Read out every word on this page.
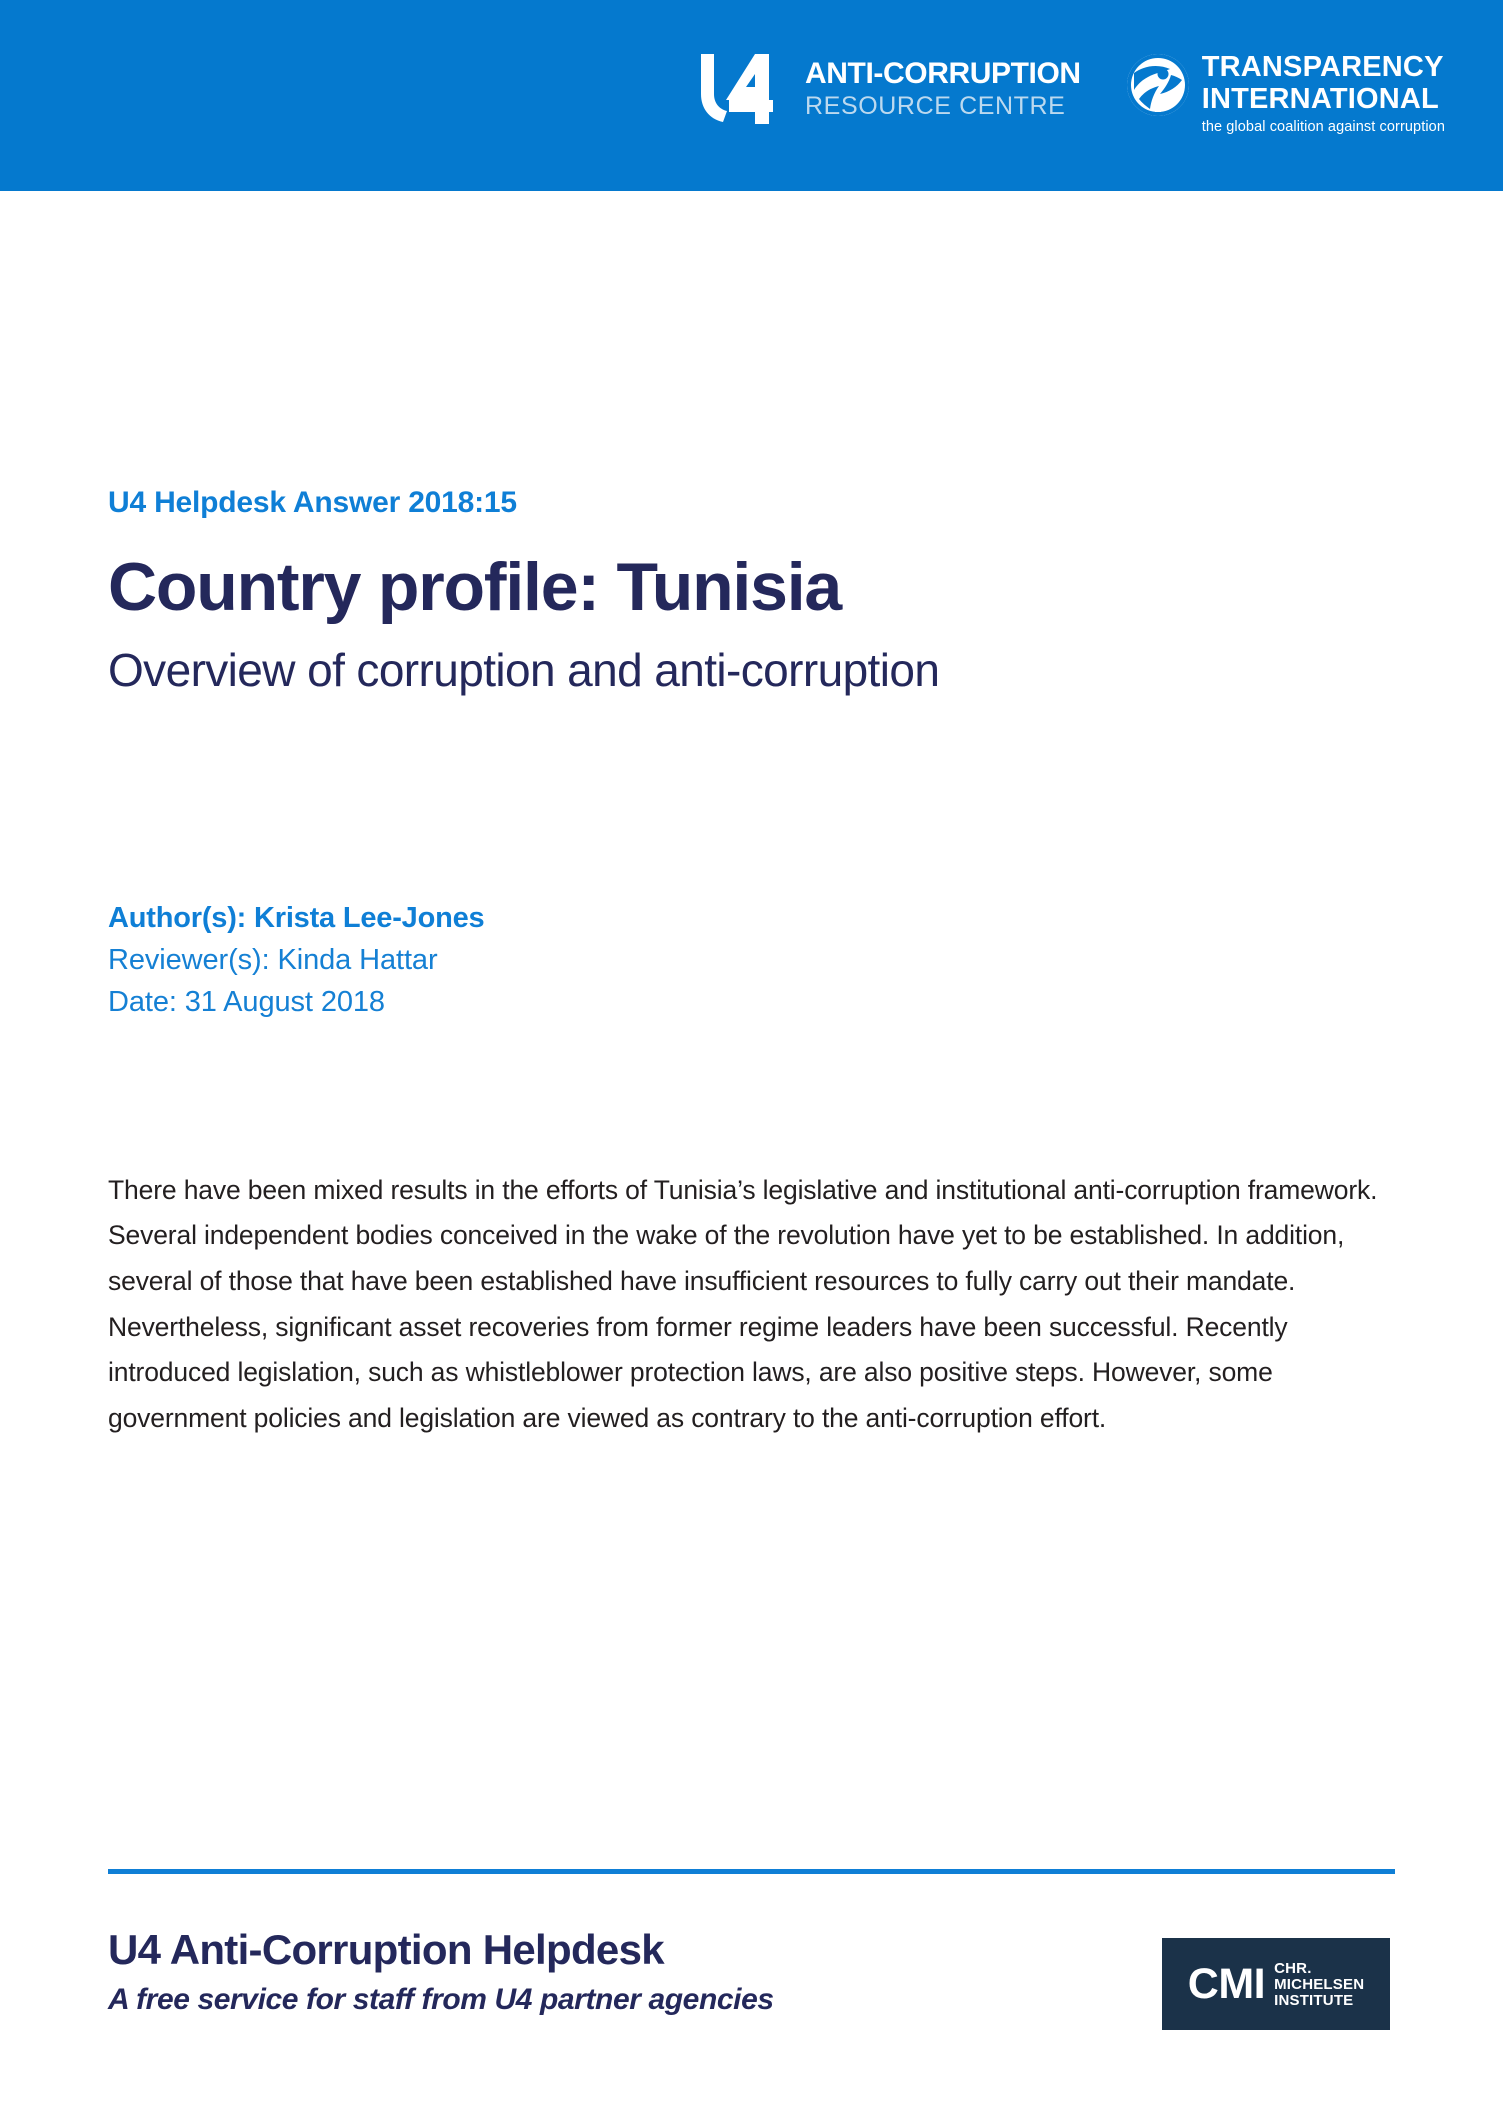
ANTI-CORRUPTION
RESOURCE CENTRE
TRANSPARENCY
INTERNATIONAL
the global coalition against corruption
U4 Helpdesk Answer 2018:15
Country profile: Tunisia
Overview of corruption and anti-corruption
Author(s): Krista Lee-Jones
Reviewer(s): Kinda Hattar
Date: 31 August 2018

There have been mixed results in the efforts of Tunisia’s legislative and institutional anti-corruption framework. Several independent bodies conceived in the wake of the revolution have yet to be established. In addition, several of those that have been established have insufficient resources to fully carry out their mandate. Nevertheless, significant asset recoveries from former regime leaders have been successful. Recently introduced legislation, such as whistleblower protection laws, are also positive steps. However, some government policies and legislation are viewed as contrary to the anti-corruption effort.

U4 Anti-Corruption Helpdesk
A free service for staff from U4 partner agencies	CMI CHR.
MICHELSEN
INSTITUTE
